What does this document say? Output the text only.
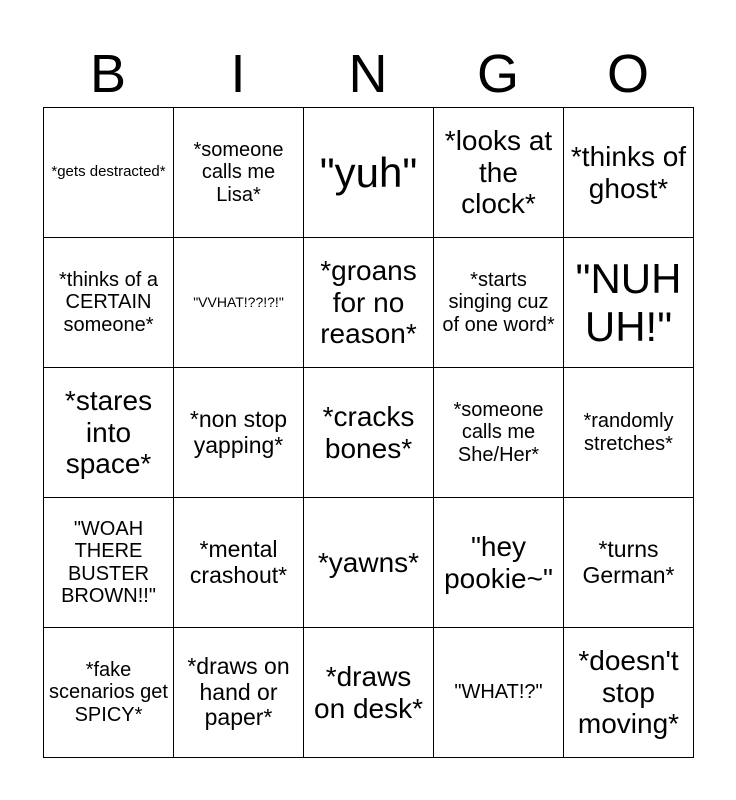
B	I	N	G	O
*gets destracted*	*someone calls me Lisa*	"yuh"	*looks at the clock*	*thinks of ghost*
*thinks of a CERTAIN someone*	"VVHAT!??!?!"	*groans for no reason*	*starts singing cuz of one word*	"NUH UH!"
*stares into space*	*non stop yapping*	*cracks bones*	*someone calls me She/Her*	*randomly stretches*
"WOAH THERE BUSTER BROWN!!"	*mental crashout*	*yawns*	"hey pookie~"	*turns German*
*fake scenarios get SPICY*	*draws on hand or paper*	*draws on desk*	"WHAT!?"	*doesn't stop moving*
